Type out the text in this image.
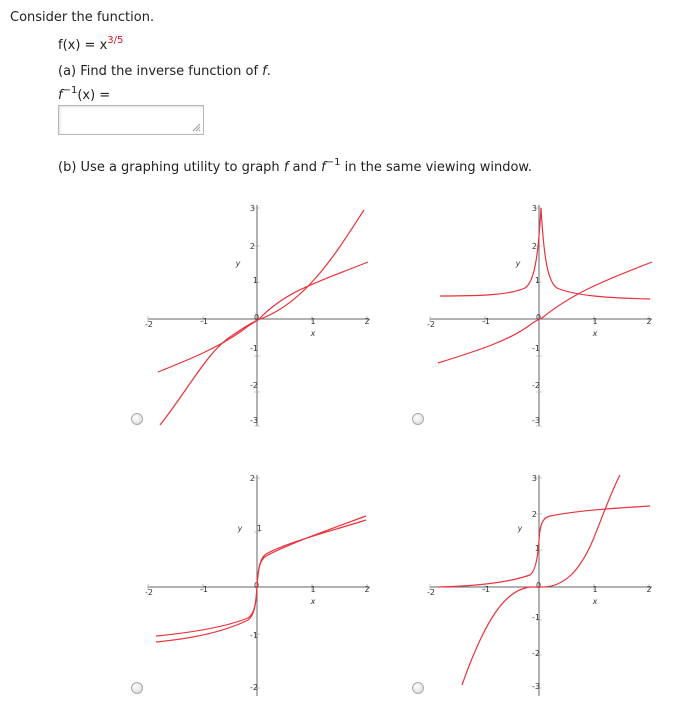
Consider the function.
$f(x) = x^{3/5}$
(a) Find the inverse function of f.
$f^{-1}(x)$ =
(b) Use a graphing utility to graph f and $f^{-1}$ in the same viewing window.
-2	-1	1	2
3
2
1
-1
-2
-3
0
x
y
-2	-1	1	2
3
2
1
-1
-2
-3
0
x
y
-2	-1	1	2
2
1
-1
-2
0
x
y
-2	-1	1	2
3
2
1
-1
-2
-3
0
x
y
